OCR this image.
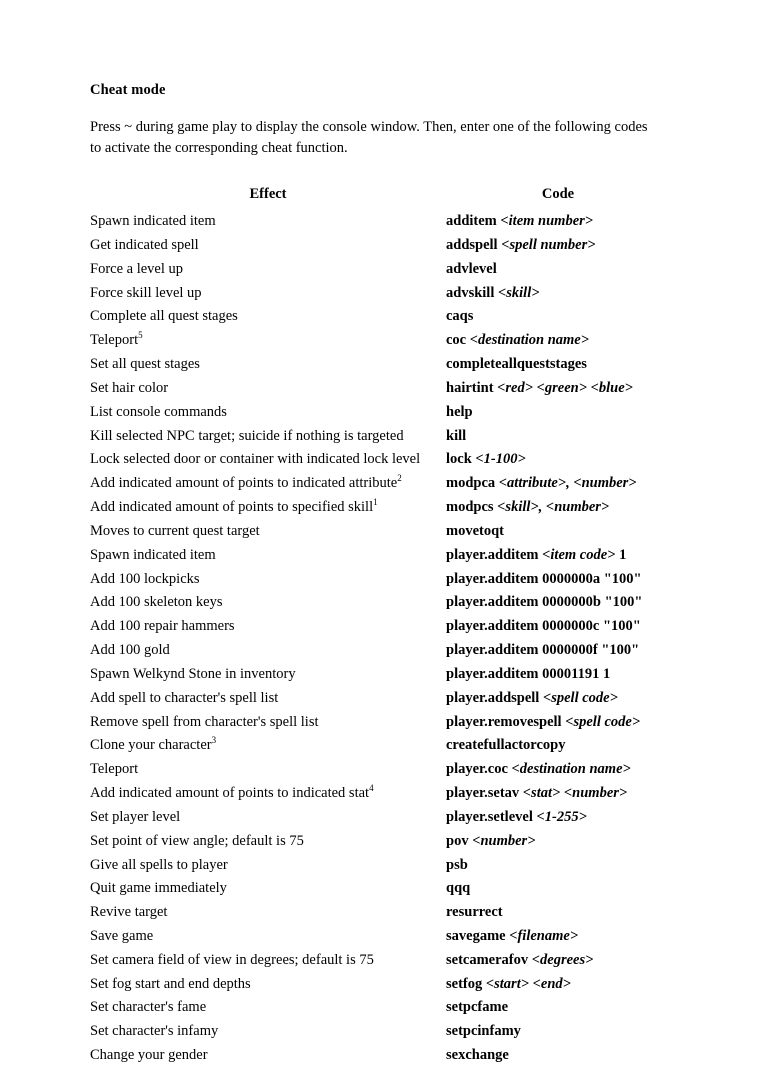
Cheat mode

Press ~ during game play to display the console window. Then, enter one of the following codes to activate the corresponding cheat function.

Effect	Code
Spawn indicated item	additem <item number>
Get indicated spell	addspell <spell number>
Force a level up	advlevel
Force skill level up	advskill <skill>
Complete all quest stages	caqs
Teleport$^5$	coc <destination name>
Set all quest stages	completeallqueststages
Set hair color	hairtint <red> <green> <blue>
List console commands	help
Kill selected NPC target; suicide if nothing is targeted	kill
Lock selected door or container with indicated lock level	lock <1-100>
Add indicated amount of points to indicated attribute$^2$	modpca <attribute>, <number>
Add indicated amount of points to specified skill$^1$	modpcs <skill>, <number>
Moves to current quest target	movetoqt
Spawn indicated item	player.additem <item code> 1
Add 100 lockpicks	player.additem 0000000a "100"
Add 100 skeleton keys	player.additem 0000000b "100"
Add 100 repair hammers	player.additem 0000000c "100"
Add 100 gold	player.additem 0000000f "100"
Spawn Welkynd Stone in inventory	player.additem 00001191 1
Add spell to character's spell list	player.addspell <spell code>
Remove spell from character's spell list	player.removespell <spell code>
Clone your character$^3$	createfullactorcopy
Teleport	player.coc <destination name>
Add indicated amount of points to indicated stat$^4$	player.setav <stat> <number>
Set player level	player.setlevel <1-255>
Set point of view angle; default is 75	pov <number>
Give all spells to player	psb
Quit game immediately	qqq
Revive target	resurrect
Save game	savegame <filename>
Set camera field of view in degrees; default is 75	setcamerafov <degrees>
Set fog start and end depths	setfog <start> <end>
Set character's fame	setpcfame
Set character's infamy	setpcinfamy
Change your gender	sexchange
